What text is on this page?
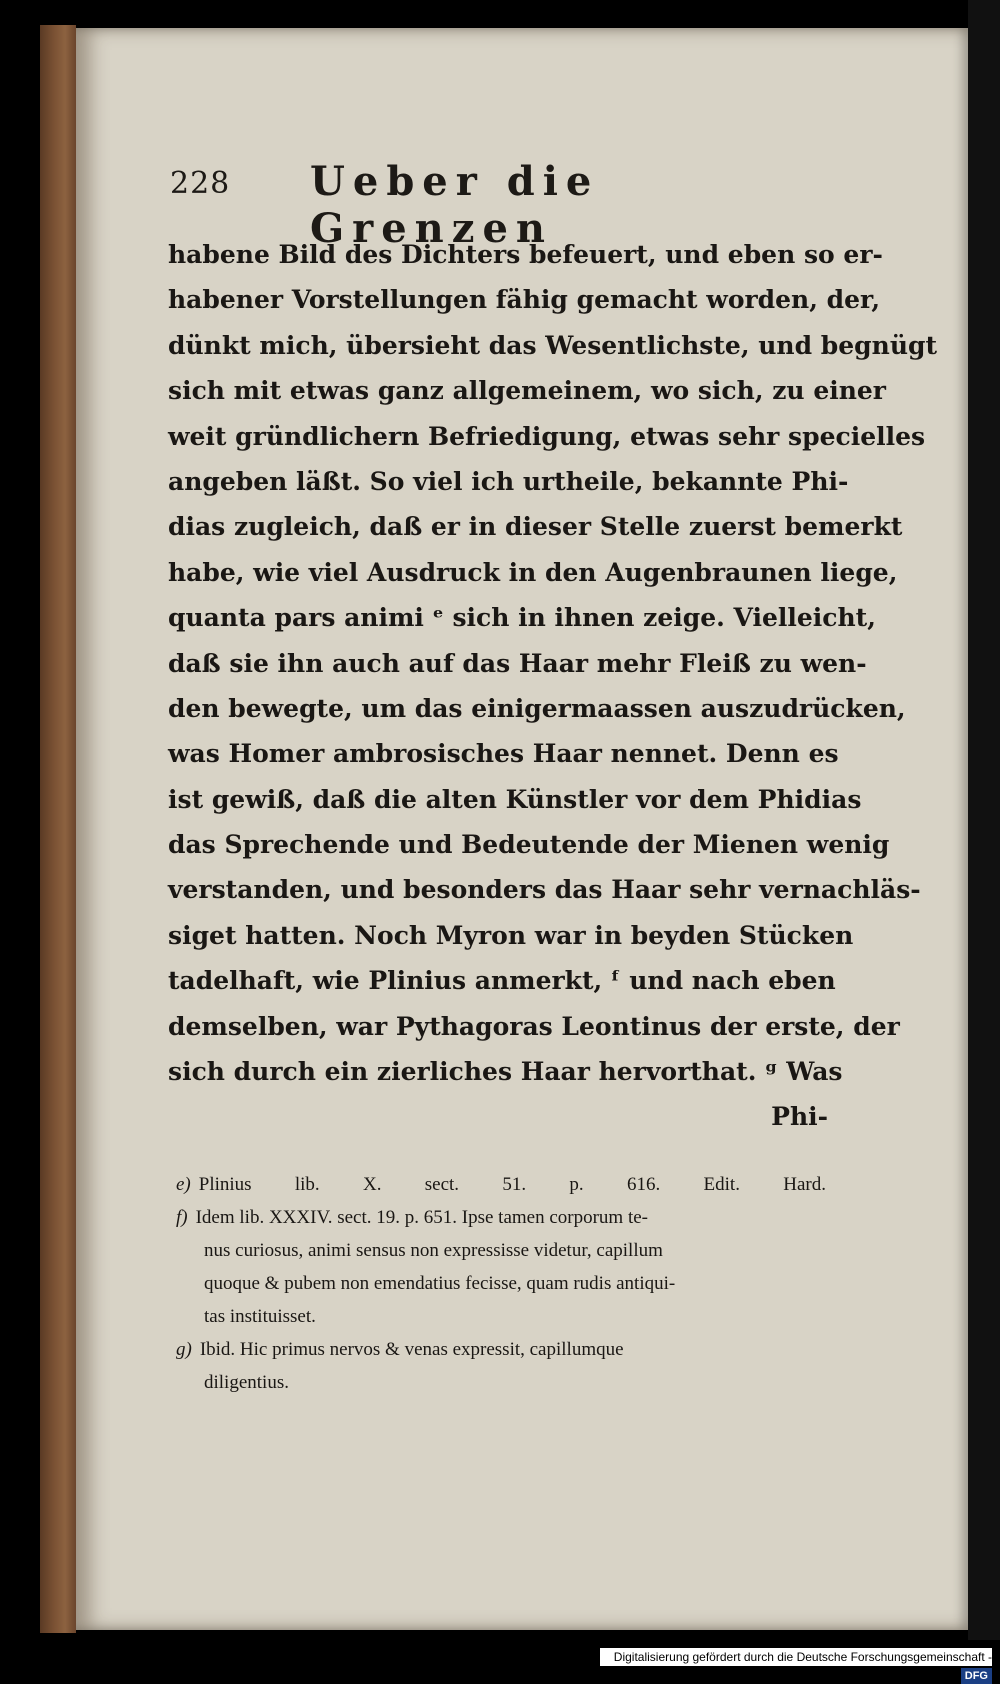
228 Ueber die Grenzen
habene Bild des Dichters befeuert, und eben so er-
habener Vorstellungen fähig gemacht worden, der,
dünkt mich, übersieht das Wesentlichste, und begnügt
sich mit etwas ganz allgemeinem, wo sich, zu einer
weit gründlichern Befriedigung, etwas sehr specielles
angeben läßt. So viel ich urtheile, bekannte Phi-
dias zugleich, daß er in dieser Stelle zuerst bemerkt
habe, wie viel Ausdruck in den Augenbraunen liege,
quanta pars animi ᵉ sich in ihnen zeige. Vielleicht,
daß sie ihn auch auf das Haar mehr Fleiß zu wen-
den bewegte, um das einigermaassen auszudrücken,
was Homer ambrosisches Haar nennet. Denn es
ist gewiß, daß die alten Künstler vor dem Phidias
das Sprechende und Bedeutende der Mienen wenig
verstanden, und besonders das Haar sehr vernachläs-
siget hatten. Noch Myron war in beyden Stücken
tadelhaft, wie Plinius anmerkt, ᶠ und nach eben
demselben, war Pythagoras Leontinus der erste, der
sich durch ein zierliches Haar hervorthat. ᵍ Was
Phi-
e) Plinius lib. X. sect. 51. p. 616. Edit. Hard.
f) Idem lib. XXXIV. sect. 19. p. 651. Ipse tamen corporum te-
nus curiosus, animi sensus non expressisse videtur, capillum
quoque & pubem non emendatius fecisse, quam rudis antiqui-
tas instituisset.
g) Ibid. Hic primus nervos & venas expressit, capillumque
diligentius.
Digitalisierung gefördert durch die Deutsche Forschungsgemeinschaft -DFG
